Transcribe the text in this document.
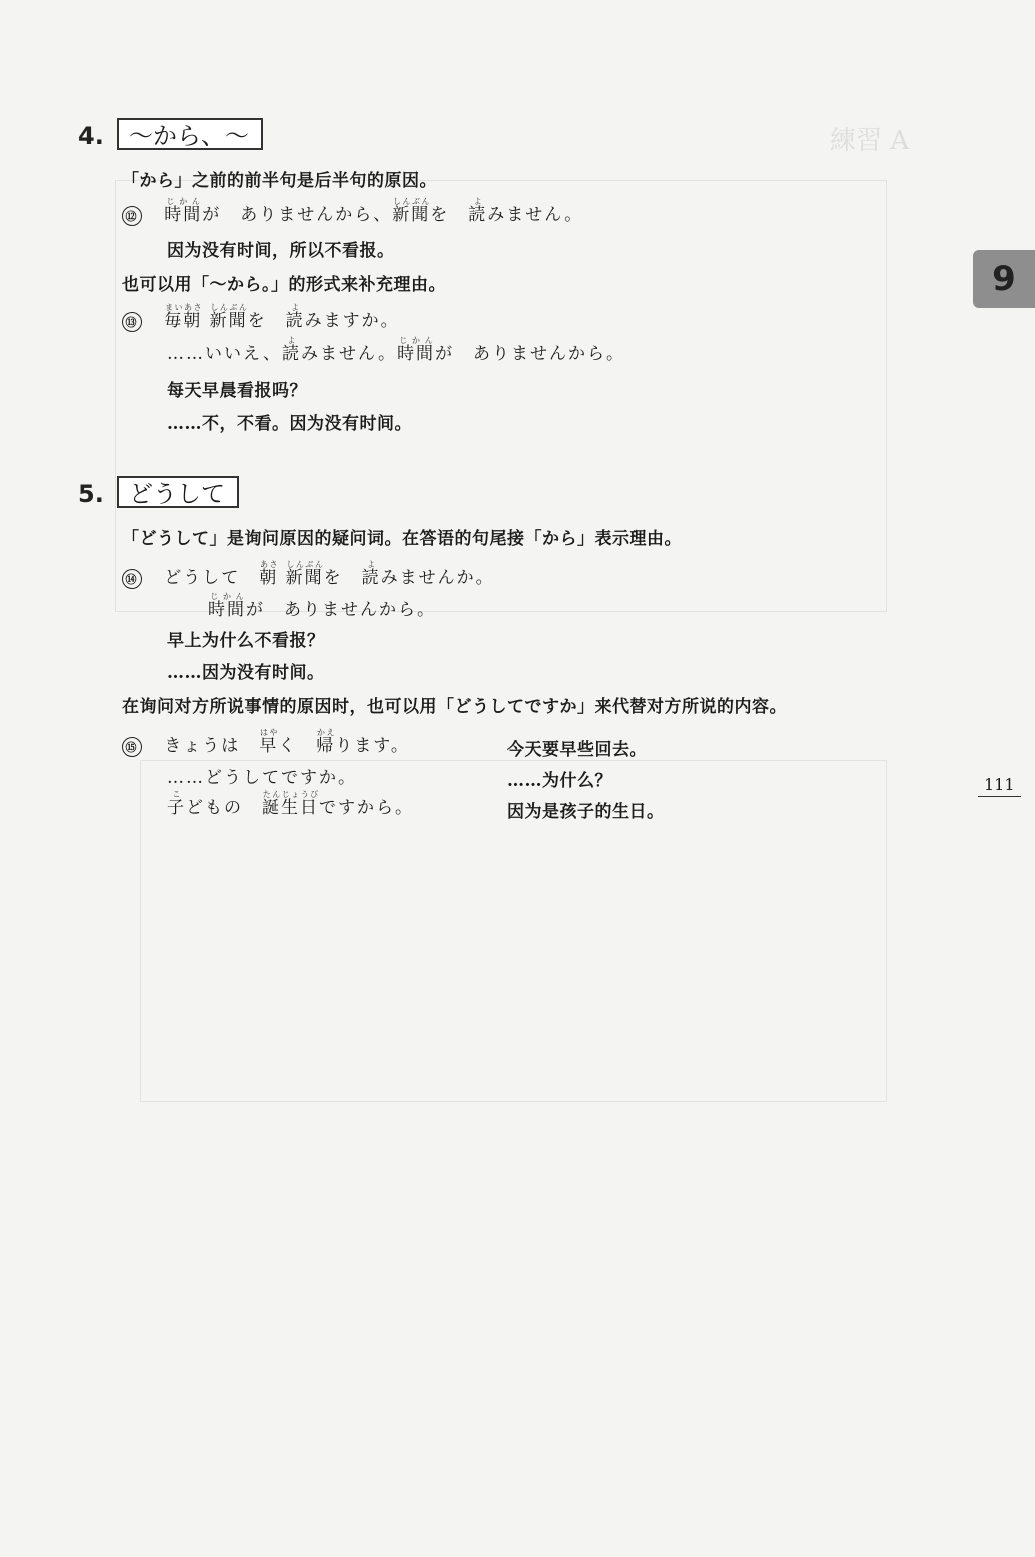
練習 A
9
111
4.	～から、～
「から」之前的前半句是后半句的原因。
⑫ 時間じかんが　ありませんから、新聞しんぶんを　読よみません。
因为没有时间，所以不看报。
也可以用「～から。」的形式来补充理由。
⑬ 毎朝まいあさ 新聞しんぶんを　読よみますか。
……いいえ、読よみません。時間じかんが　ありませんから。
每天早晨看报吗？
……不，不看。因为没有时间。
5.	どうして
「どうして」是询问原因的疑问词。在答语的句尾接「から」表示理由。
⑭ どうして　朝あさ 新聞しんぶんを　読よみませんか。
時間じかんが　ありませんから。
早上为什么不看报？
……因为没有时间。
在询问对方所说事情的原因时，也可以用「どうしてですか」来代替对方所说的内容。
⑮ きょうは　早はやく　帰かえります。
……どうしてですか。
子こどもの　誕生日たんじょうびですから。
今天要早些回去。
……为什么？
因为是孩子的生日。
